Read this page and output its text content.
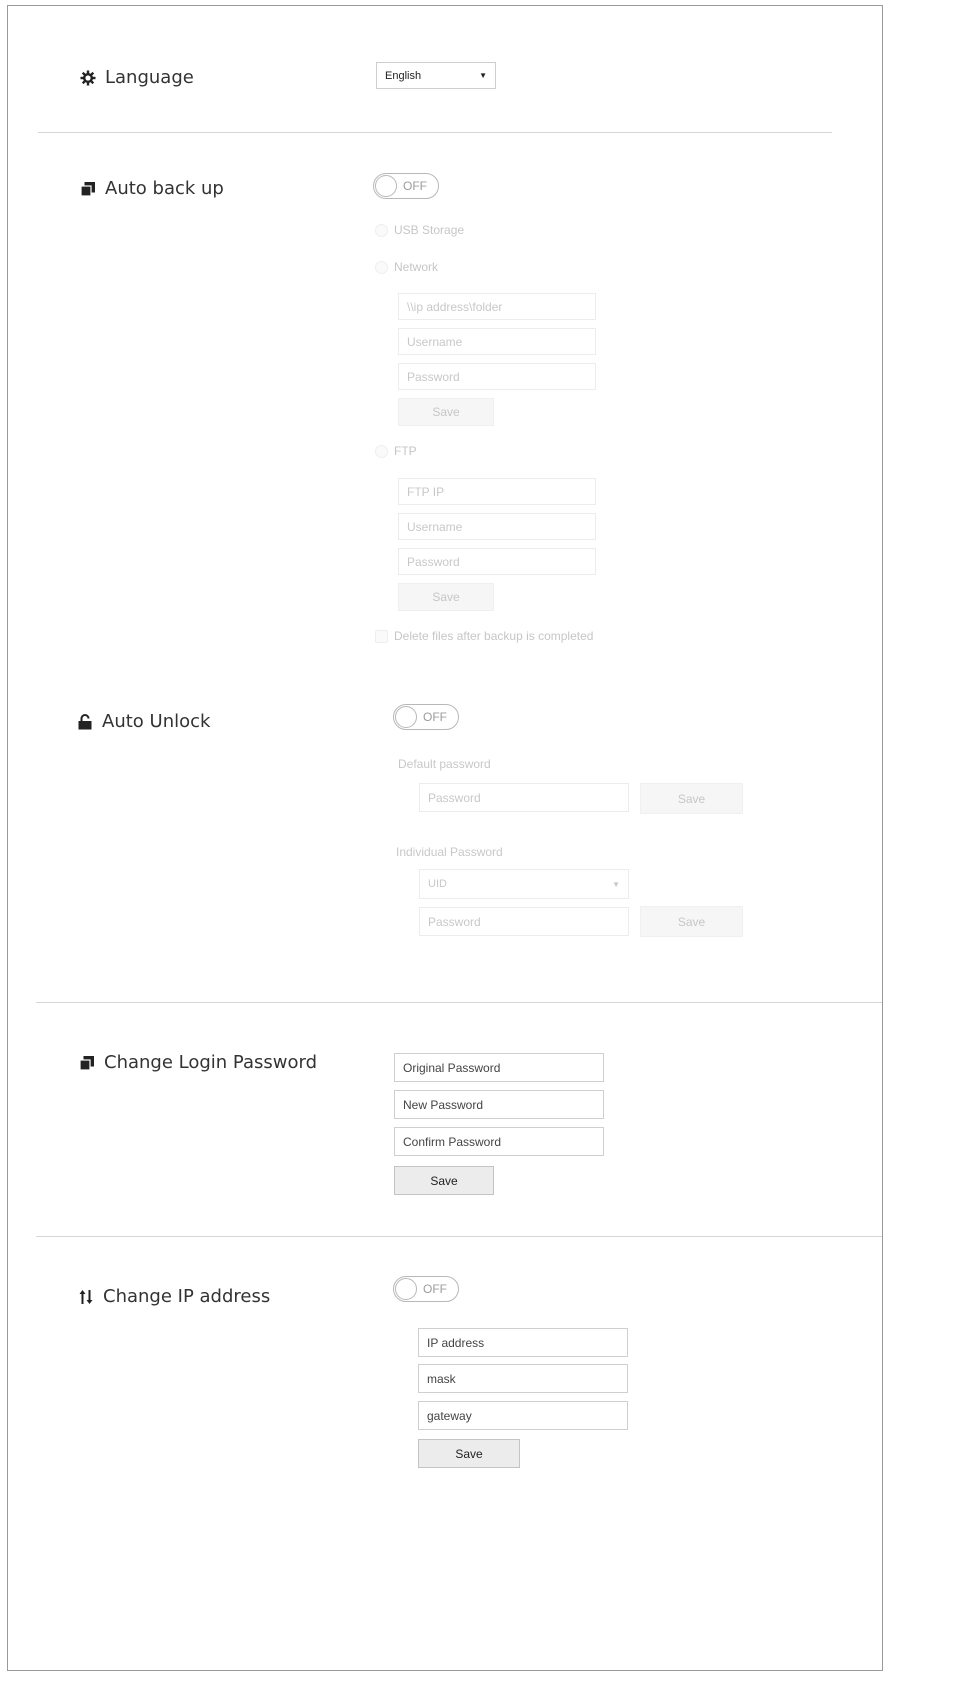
Language	English	▼
Auto back up	OFF
USB Storage
Network
\\ip address\folder
Username
Password
Save
FTP
FTP IP
Username
Password
Save
Delete files after backup is completed
Auto Unlock	OFF
Default password
Password	Save
Individual Password
UID	▼
Password	Save
Change Login Password	Original Password
New Password
Confirm Password
Save
Change IP address	OFF
IP address
mask
gateway
Save
